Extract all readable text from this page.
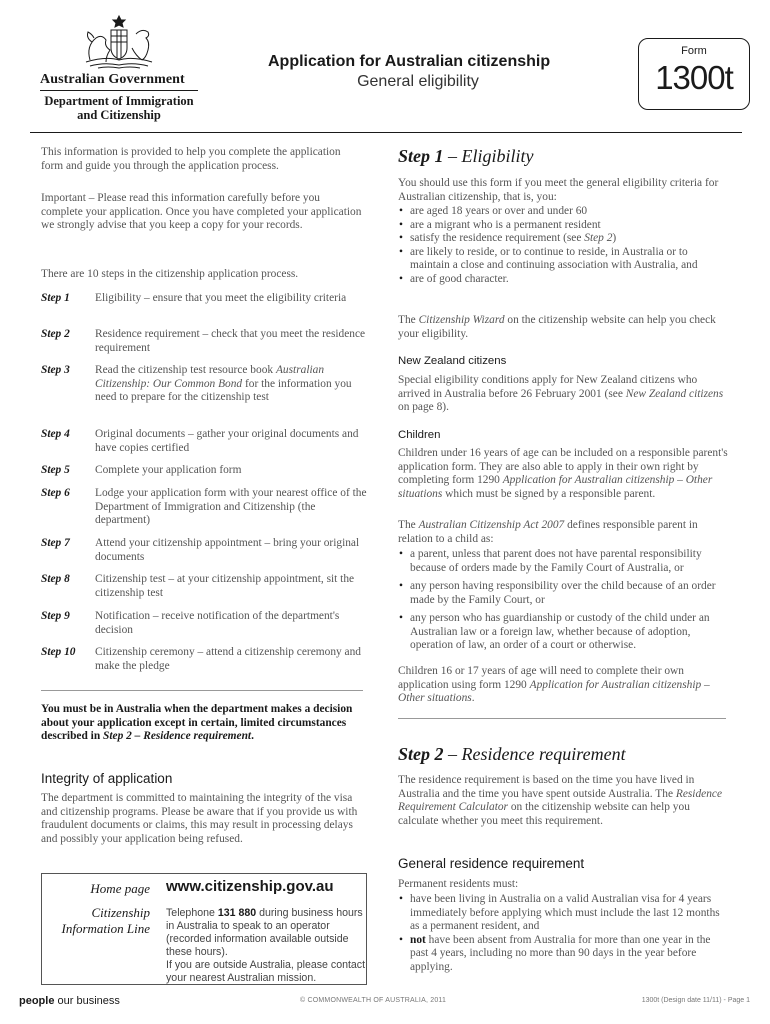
Australian Government
Department of Immigration
and Citizenship
Application for Australian citizenship
General eligibility
Form
1300t
This information is provided to help you complete the application form and guide you through the application process.
Important – Please read this information carefully before you complete your application. Once you have completed your application we strongly advise that you keep a copy for your records.
There are 10 steps in the citizenship application process.
Step 1 Eligibility – ensure that you meet the eligibility criteria
Step 2 Residence requirement – check that you meet the residence requirement
Step 3 Read the citizenship test resource book Australian Citizenship: Our Common Bond for the information you need to prepare for the citizenship test
Step 4 Original documents – gather your original documents and have copies certified
Step 5 Complete your application form
Step 6 Lodge your application form with your nearest office of the Department of Immigration and Citizenship (the department)
Step 7 Attend your citizenship appointment – bring your original documents
Step 8 Citizenship test – at your citizenship appointment, sit the citizenship test
Step 9 Notification – receive notification of the department's decision
Step 10 Citizenship ceremony – attend a citizenship ceremony and make the pledge
You must be in Australia when the department makes a decision about your application except in certain, limited circumstances described in Step 2 – Residence requirement.
Integrity of application
The department is committed to maintaining the integrity of the visa and citizenship programs. Please be aware that if you provide us with fraudulent documents or claims, this may result in processing delays and possibly your application being refused.
Home page www.citizenship.gov.au
Citizenship
Information Line
Telephone 131 880 during business hours in Australia to speak to an operator (recorded information available outside these hours).
If you are outside Australia, please contact your nearest Australian mission.
Step 1 – Eligibility
You should use this form if you meet the general eligibility criteria for Australian citizenship, that is, you:
• are aged 18 years or over and under 60
• are a migrant who is a permanent resident
• satisfy the residence requirement (see Step 2)
• are likely to reside, or to continue to reside, in Australia or to maintain a close and continuing association with Australia, and
• are of good character.
The Citizenship Wizard on the citizenship website can help you check your eligibility.
New Zealand citizens
Special eligibility conditions apply for New Zealand citizens who arrived in Australia before 26 February 2001 (see New Zealand citizens on page 8).
Children
Children under 16 years of age can be included on a responsible parent's application form. They are also able to apply in their own right by completing form 1290 Application for Australian citizenship – Other situations which must be signed by a responsible parent.
The Australian Citizenship Act 2007 defines responsible parent in relation to a child as:
• a parent, unless that parent does not have parental responsibility because of orders made by the Family Court of Australia, or
• any person having responsibility over the child because of an order made by the Family Court, or
• any person who has guardianship or custody of the child under an Australian law or a foreign law, whether because of adoption, operation of law, an order of a court or otherwise.
Children 16 or 17 years of age will need to complete their own application using form 1290 Application for Australian citizenship – Other situations.
Step 2 – Residence requirement
The residence requirement is based on the time you have lived in Australia and the time you have spent outside Australia. The Residence Requirement Calculator on the citizenship website can help you calculate whether you meet this requirement.
General residence requirement
Permanent residents must:
• have been living in Australia on a valid Australian visa for 4 years immediately before applying which must include the last 12 months as a permanent resident, and
• not have been absent from Australia for more than one year in the past 4 years, including no more than 90 days in the year before applying.
people our business	© COMMONWEALTH OF AUSTRALIA, 2011	1300t (Design date 11/11) - Page 1
